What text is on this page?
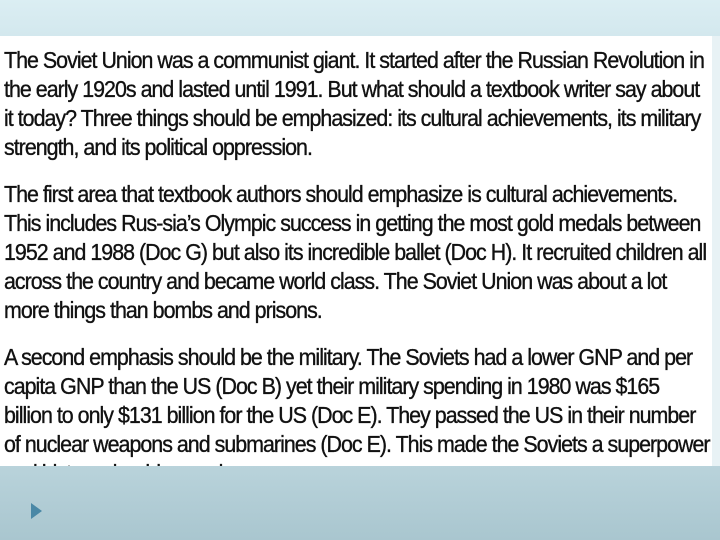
The Soviet Union was a communist giant. It started after the Russian Revolution in the early 1920s and lasted until 1991. But what should a textbook writer say about it today? Three things should be emphasized: its cultural achievements, its military strength, and its political oppression.

The first area that textbook authors should emphasize is cultural achievements. This includes Rus-sia’s Olympic success in getting the most gold medals between 1952 and 1988 (Doc G) but also its incredible ballet (Doc H). It recruited children all across the country and became world class. The Soviet Union was about a lot more things than bombs and prisons.

A second emphasis should be the military. The Soviets had a lower GNP and per capita GNP than the US (Doc B) yet their military spending in 1980 was $165 billion to only $131 billion for the US (Doc E). They passed the US in their number of nuclear weapons and submarines (Doc E). This made the Soviets a superpower
